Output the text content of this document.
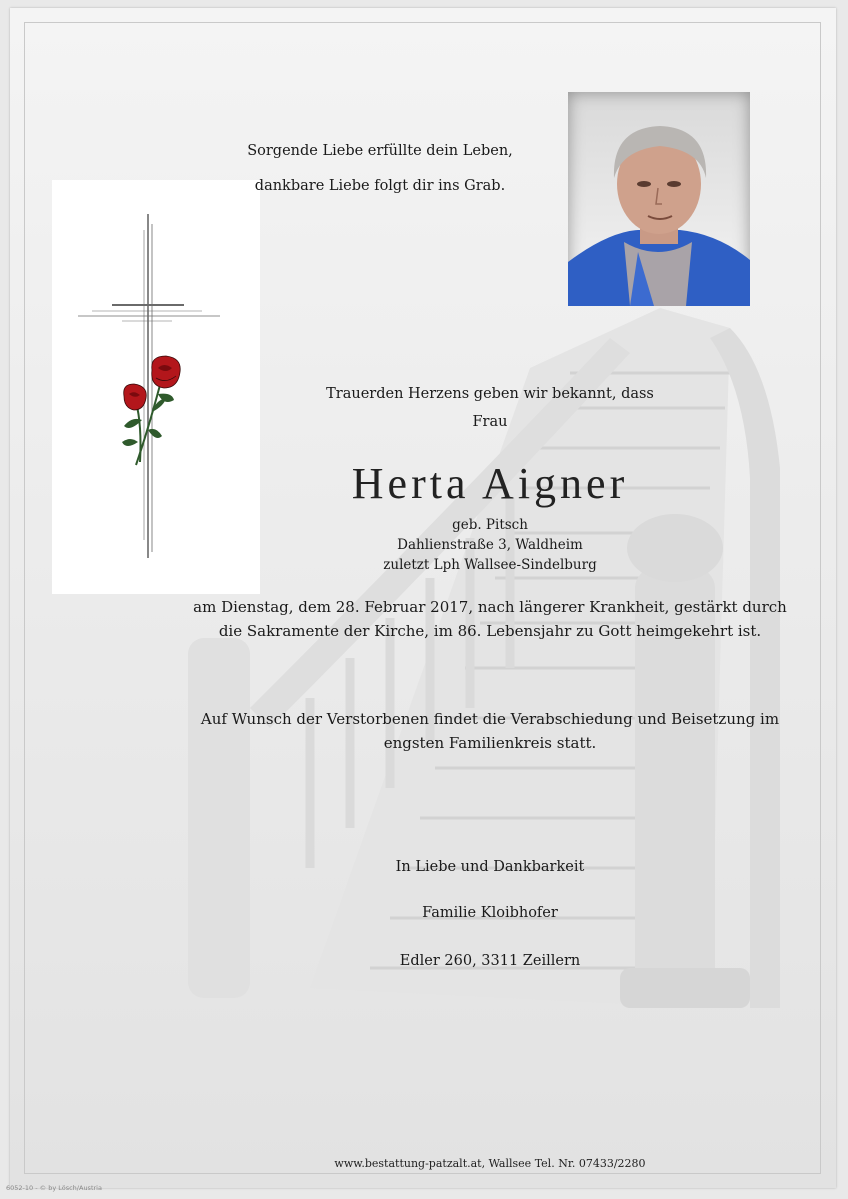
Sorgende Liebe erfüllte dein Leben,
dankbare Liebe folgt dir ins Grab.
Trauerden Herzens geben wir bekannt, dass
Frau
Herta Aigner
geb. Pitsch
Dahlienstraße 3, Waldheim
zuletzt Lph Wallsee-Sindelburg
am Dienstag, dem 28. Februar 2017, nach längerer Krankheit, gestärkt durch die Sakramente der Kirche, im 86. Lebensjahr zu Gott heimgekehrt ist.
Auf Wunsch der Verstorbenen findet die Verabschiedung und Beisetzung im engsten Familienkreis statt.
In Liebe und Dankbarkeit
Familie Kloibhofer
Edler 260, 3311 Zeillern
www.bestattung-patzalt.at, Wallsee Tel. Nr. 07433/2280
6052-10 - © by Lösch/Austria
